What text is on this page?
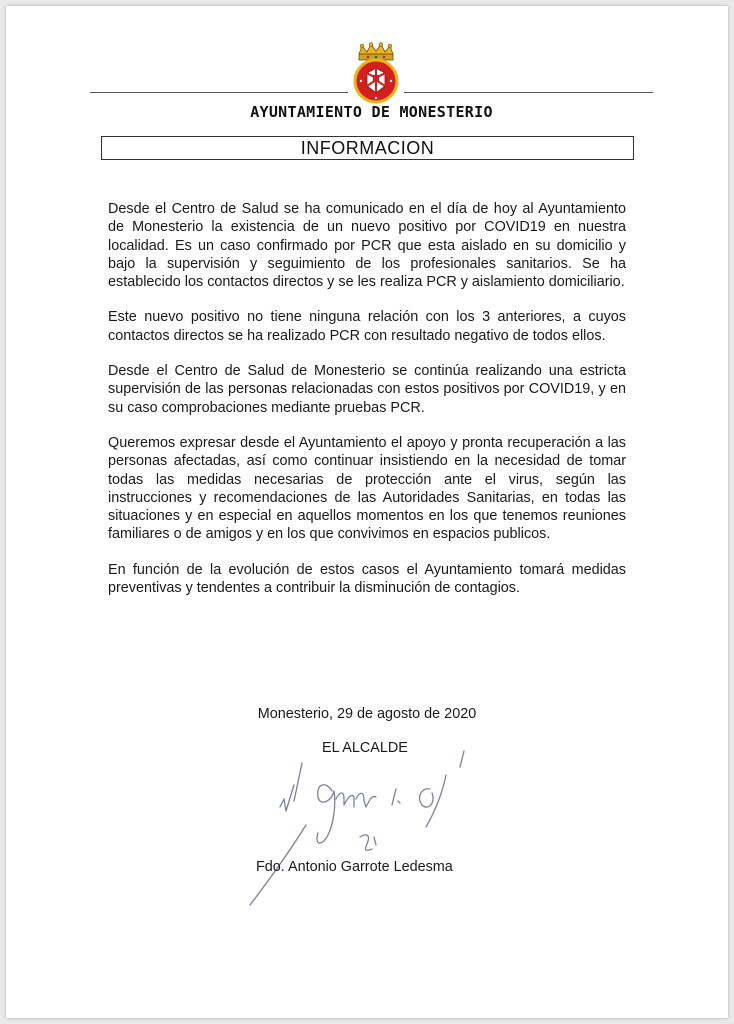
AYUNTAMIENTO DE MONESTERIO
INFORMACION

Desde el Centro de Salud se ha comunicado en el día de hoy al Ayuntamiento de Monesterio la existencia de un nuevo positivo por COVID19 en nuestra localidad. Es un caso confirmado por PCR que esta aislado en su domicilio y bajo la supervisión y seguimiento de los profesionales sanitarios. Se ha establecido los contactos directos y se les realiza PCR y aislamiento domiciliario.

Este nuevo positivo no tiene ninguna relación con los 3 anteriores, a cuyos contactos directos se ha realizado PCR con resultado negativo de todos ellos.

Desde el Centro de Salud de Monesterio se continúa realizando una estricta supervisión de las personas relacionadas con estos positivos por COVID19, y en su caso comprobaciones mediante pruebas PCR.

Queremos expresar desde el Ayuntamiento el apoyo y pronta recuperación a las personas afectadas, así como continuar insistiendo en la necesidad de tomar todas las medidas necesarias de protección ante el virus, según las instrucciones y recomendaciones de las Autoridades Sanitarias, en todas las situaciones y en especial en aquellos momentos en los que tenemos reuniones familiares o de amigos y en los que convivimos en espacios publicos.

En función de la evolución de estos casos el Ayuntamiento tomará medidas preventivas y tendentes a contribuir la disminución de contagios.

Monesterio, 29 de agosto de 2020
EL ALCALDE
Fdo. Antonio Garrote Ledesma
